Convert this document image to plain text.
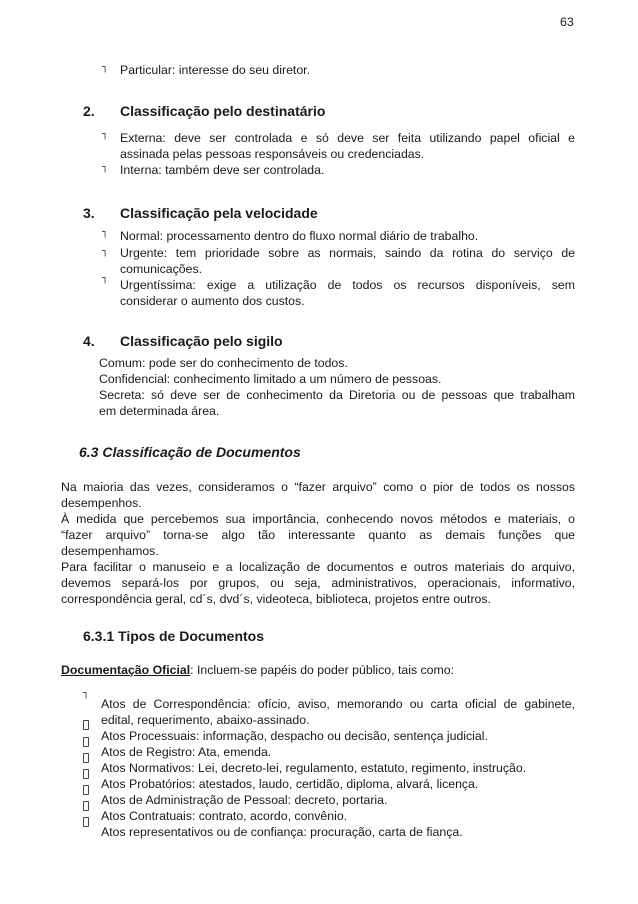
63
┐ Particular: interesse do seu diretor.
2. Classificação pelo destinatário
┐ Externa: deve ser controlada e só deve ser feita utilizando papel oficial e
assinada pelas pessoas responsáveis ou credenciadas.
┐ Interna: também deve ser controlada.
3. Classificação pela velocidade
┐ Normal: processamento dentro do fluxo normal diário de trabalho.
┐ Urgente: tem prioridade sobre as normais, saindo da rotina do serviço de
comunicações.
┐ Urgentíssima: exige a utilização de todos os recursos disponíveis, sem
considerar o aumento dos custos.
4. Classificação pelo sigilo
Comum: pode ser do conhecimento de todos.
Confidencial: conhecimento limitado a um número de pessoas.
Secreta: só deve ser de conhecimento da Diretoria ou de pessoas que trabalham
em determinada área.
6.3 Classificação de Documentos
Na maioria das vezes, consideramos o “fazer arquivo” como o pior de todos os nossos
desempenhos.
À medida que percebemos sua importância, conhecendo novos métodos e materiais, o
“fazer arquivo” torna-se algo tão interessante quanto as demais funções que
desempenhamos.
Para facilitar o manuseio e a localização de documentos e outros materiais do arquivo,
devemos separá-los por grupos, ou seja, administrativos, operacionais, informativo,
correspondência geral, cd´s, dvd´s, videoteca, biblioteca, projetos entre outros.
6.3.1 Tipos de Documentos
Documentação Oficial: Incluem-se papéis do poder público, tais como:
┐
Atos de Correspondência: ofício, aviso, memorando ou carta oficial de gabinete,
edital, requerimento, abaixo-assinado.
Atos Processuais: informação, despacho ou decisão, sentença judicial.
Atos de Registro: Ata, emenda.
Atos Normativos: Lei, decreto-lei, regulamento, estatuto, regimento, instrução.
Atos Probatórios: atestados, laudo, certidão, diploma, alvará, licença.
Atos de Administração de Pessoal: decreto, portaria.
Atos Contratuais: contrato, acordo, convênio.
Atos representativos ou de confiança: procuração, carta de fiança.
